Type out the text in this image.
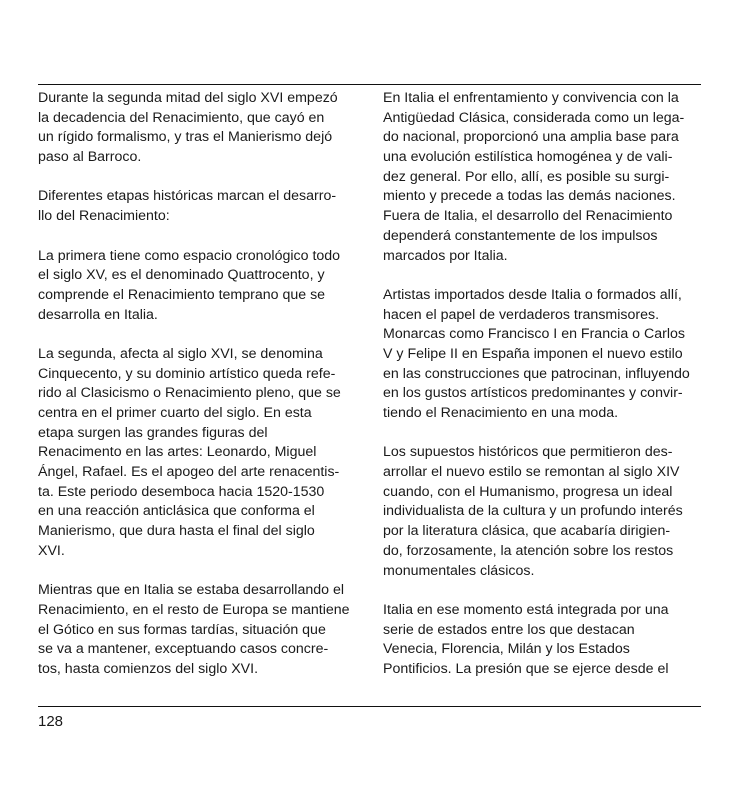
Durante la segunda mitad del siglo XVI empezó
la decadencia del Renacimiento, que cayó en
un rígido formalismo, y tras el Manierismo dejó
paso al Barroco.
Diferentes etapas históricas marcan el desarro-
llo del Renacimiento:
La primera tiene como espacio cronológico todo
el siglo XV, es el denominado Quattrocento, y
comprende el Renacimiento temprano que se
desarrolla en Italia.
La segunda, afecta al siglo XVI, se denomina
Cinquecento, y su dominio artístico queda refe-
rido al Clasicismo o Renacimiento pleno, que se
centra en el primer cuarto del siglo. En esta
etapa surgen las grandes figuras del
Renacimento en las artes: Leonardo, Miguel
Ángel, Rafael. Es el apogeo del arte renacentis-
ta. Este periodo desemboca hacia 1520-1530
en una reacción anticlásica que conforma el
Manierismo, que dura hasta el final del siglo
XVI.
Mientras que en Italia se estaba desarrollando el
Renacimiento, en el resto de Europa se mantiene
el Gótico en sus formas tardías, situación que
se va a mantener, exceptuando casos concre-
tos, hasta comienzos del siglo XVI.
En Italia el enfrentamiento y convivencia con la
Antigüedad Clásica, considerada como un lega-
do nacional, proporcionó una amplia base para
una evolución estilística homogénea y de vali-
dez general. Por ello, allí, es posible su surgi-
miento y precede a todas las demás naciones.
Fuera de Italia, el desarrollo del Renacimiento
dependerá constantemente de los impulsos
marcados por Italia.
Artistas importados desde Italia o formados allí,
hacen el papel de verdaderos transmisores.
Monarcas como Francisco I en Francia o Carlos
V y Felipe II en España imponen el nuevo estilo
en las construcciones que patrocinan, influyendo
en los gustos artísticos predominantes y convir-
tiendo el Renacimiento en una moda.
Los supuestos históricos que permitieron des-
arrollar el nuevo estilo se remontan al siglo XIV
cuando, con el Humanismo, progresa un ideal
individualista de la cultura y un profundo interés
por la literatura clásica, que acabaría dirigien-
do, forzosamente, la atención sobre los restos
monumentales clásicos.
Italia en ese momento está integrada por una
serie de estados entre los que destacan
Venecia, Florencia, Milán y los Estados
Pontificios. La presión que se ejerce desde el
128
